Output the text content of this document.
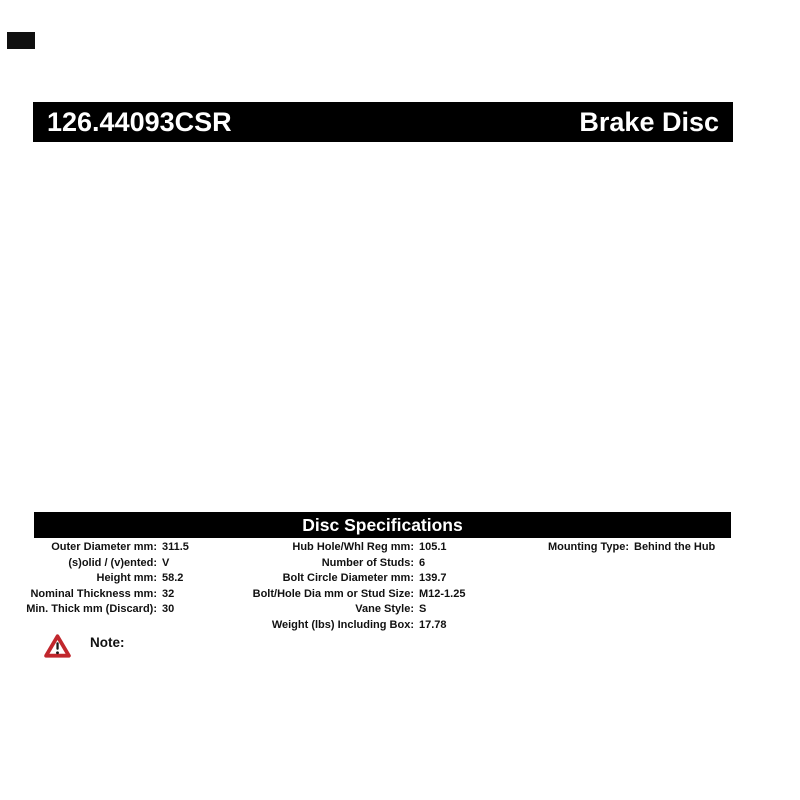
126.44093CSR	Brake Disc
Disc Specifications
Outer Diameter mm: 311.5
(s)olid / (v)ented: V
Height mm: 58.2
Nominal Thickness mm: 32
Min. Thick mm (Discard): 30
Hub Hole/Whl Reg mm: 105.1
Number of Studs: 6
Bolt Circle Diameter mm: 139.7
Bolt/Hole Dia mm or Stud Size: M12-1.25
Vane Style: S
Weight (lbs) Including Box: 17.78
Mounting Type: Behind the Hub
Note:
